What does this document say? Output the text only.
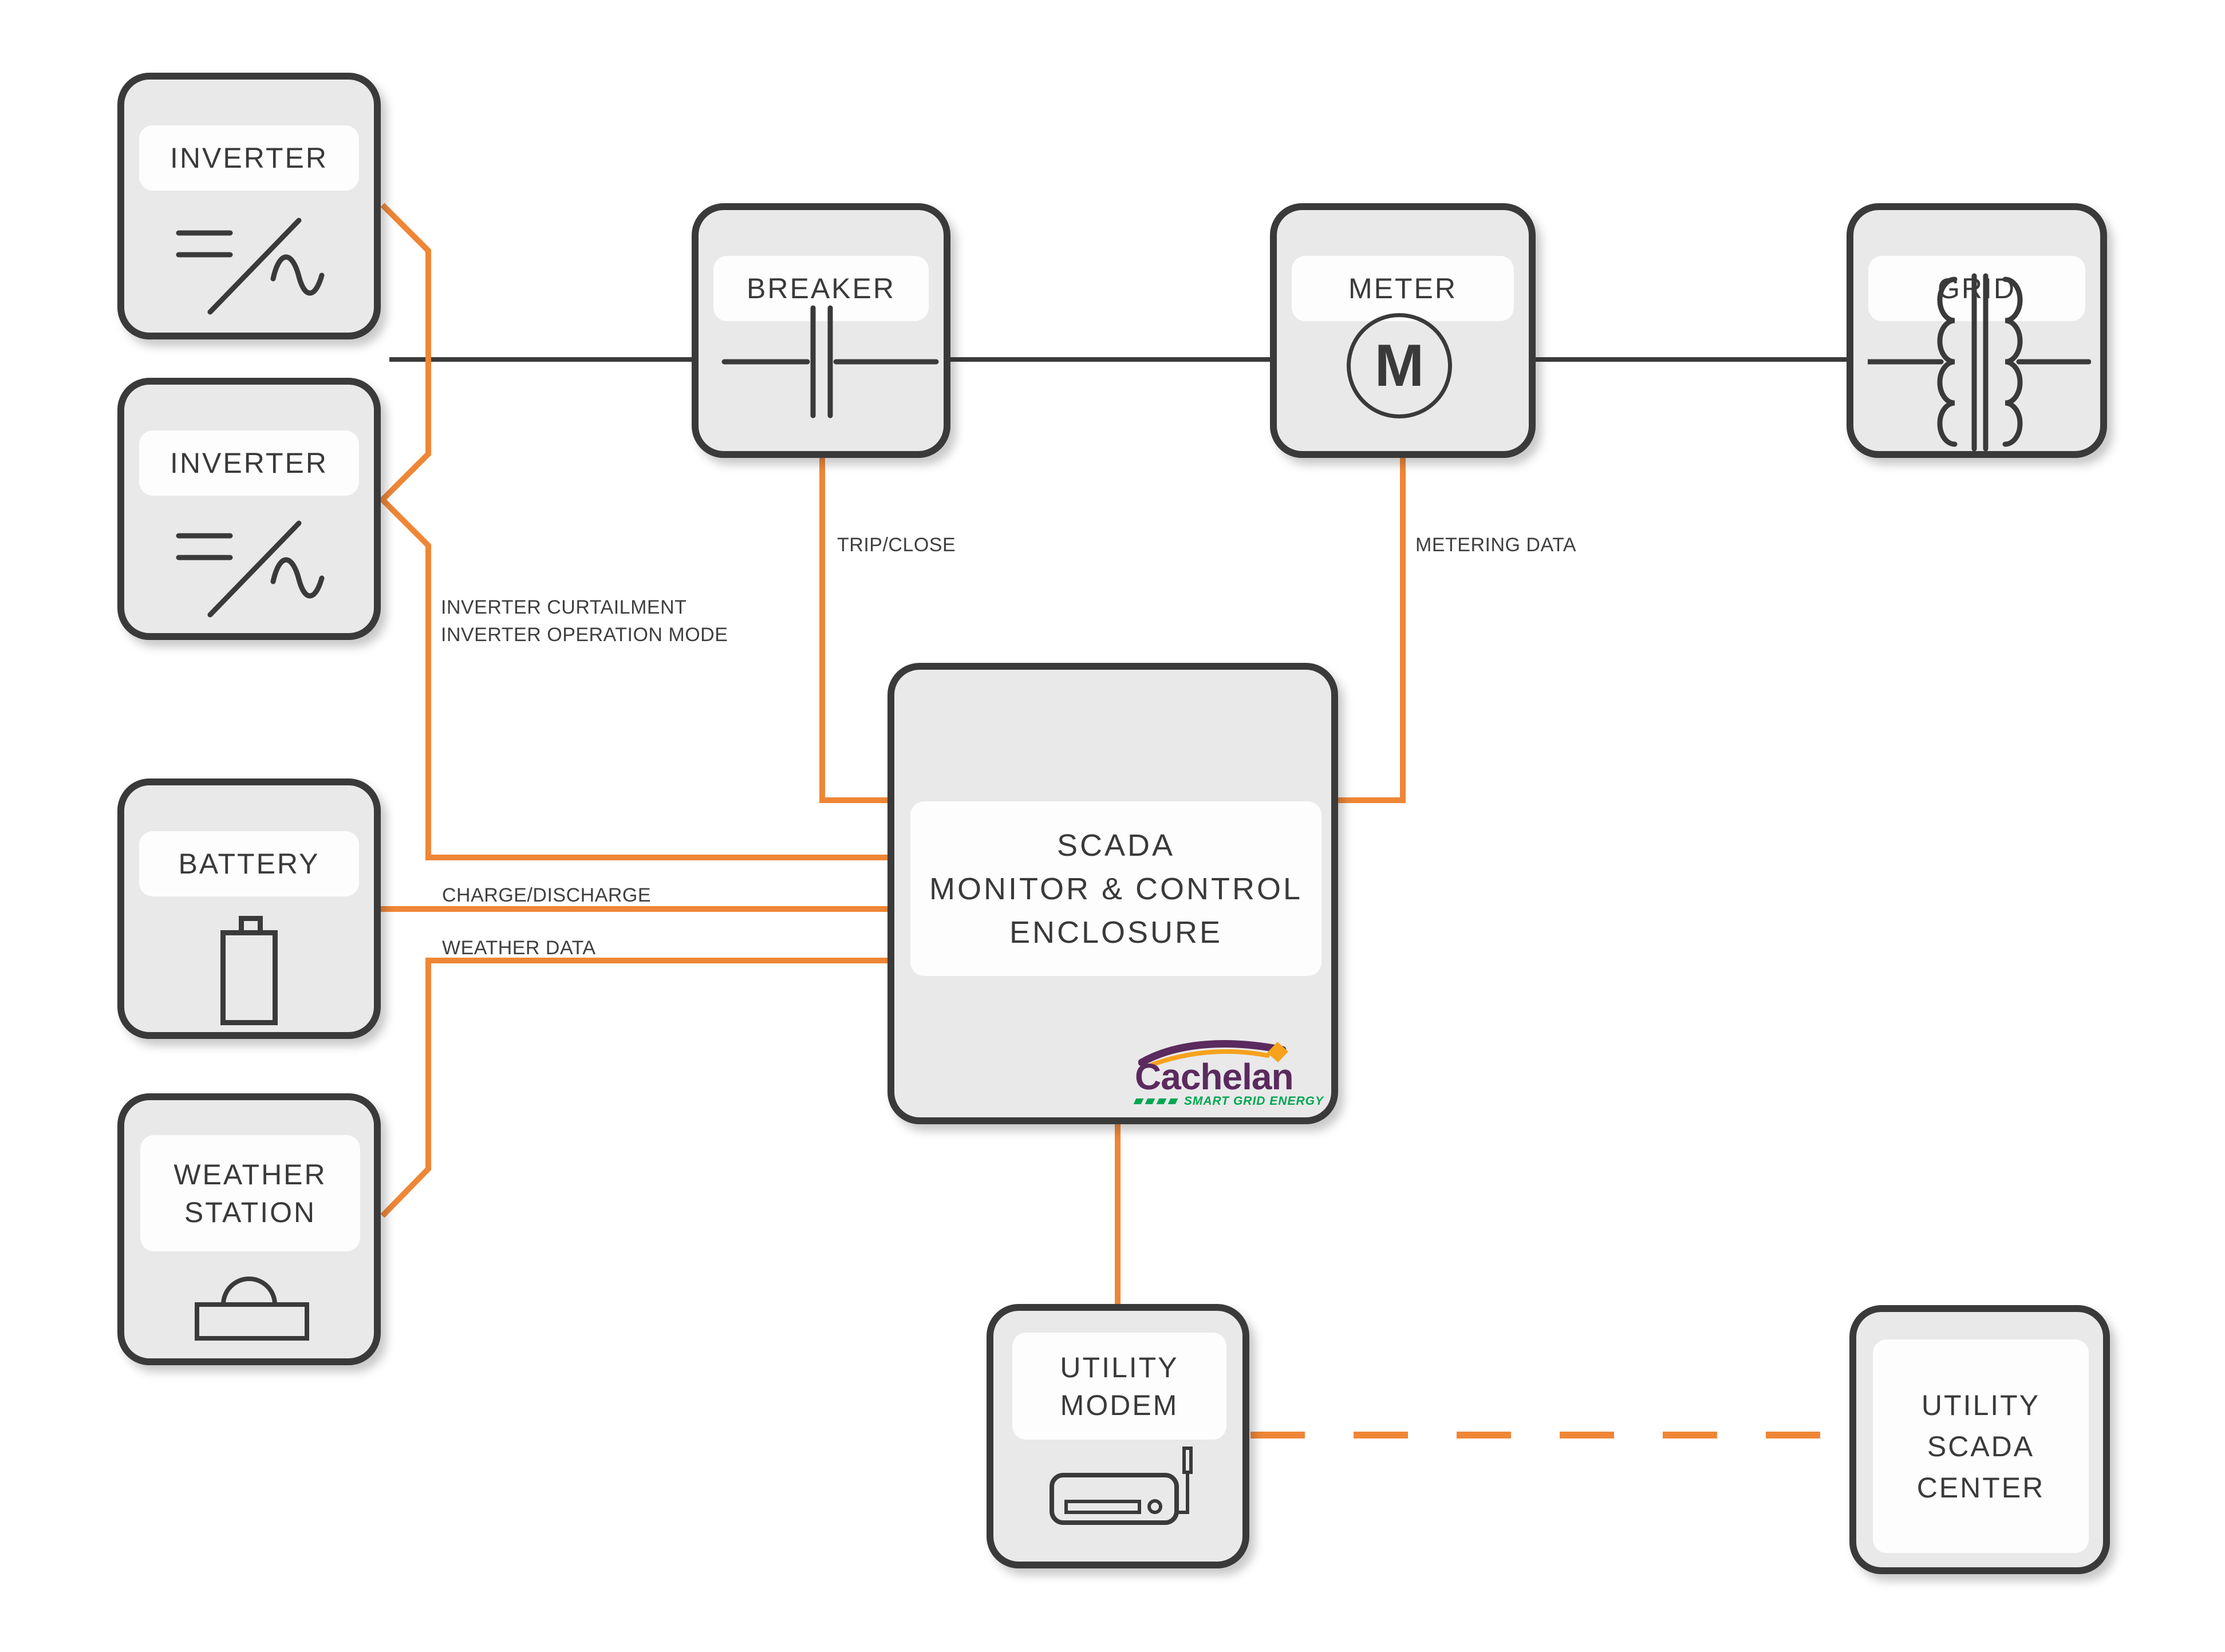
INVERTER
INVERTER
BREAKER	METER
M
GRID
BATTERY
WEATHER
STATION
SCADA
MONITOR & CONTROL
ENCLOSURE
Cachelan
SMART GRID ENERGY
UTILITY
MODEM	UTILITY
SCADA
CENTER
TRIP/CLOSE	METERING DATA
INVERTER CURTAILMENT
INVERTER OPERATION MODE
CHARGE/DISCHARGE
WEATHER DATA
